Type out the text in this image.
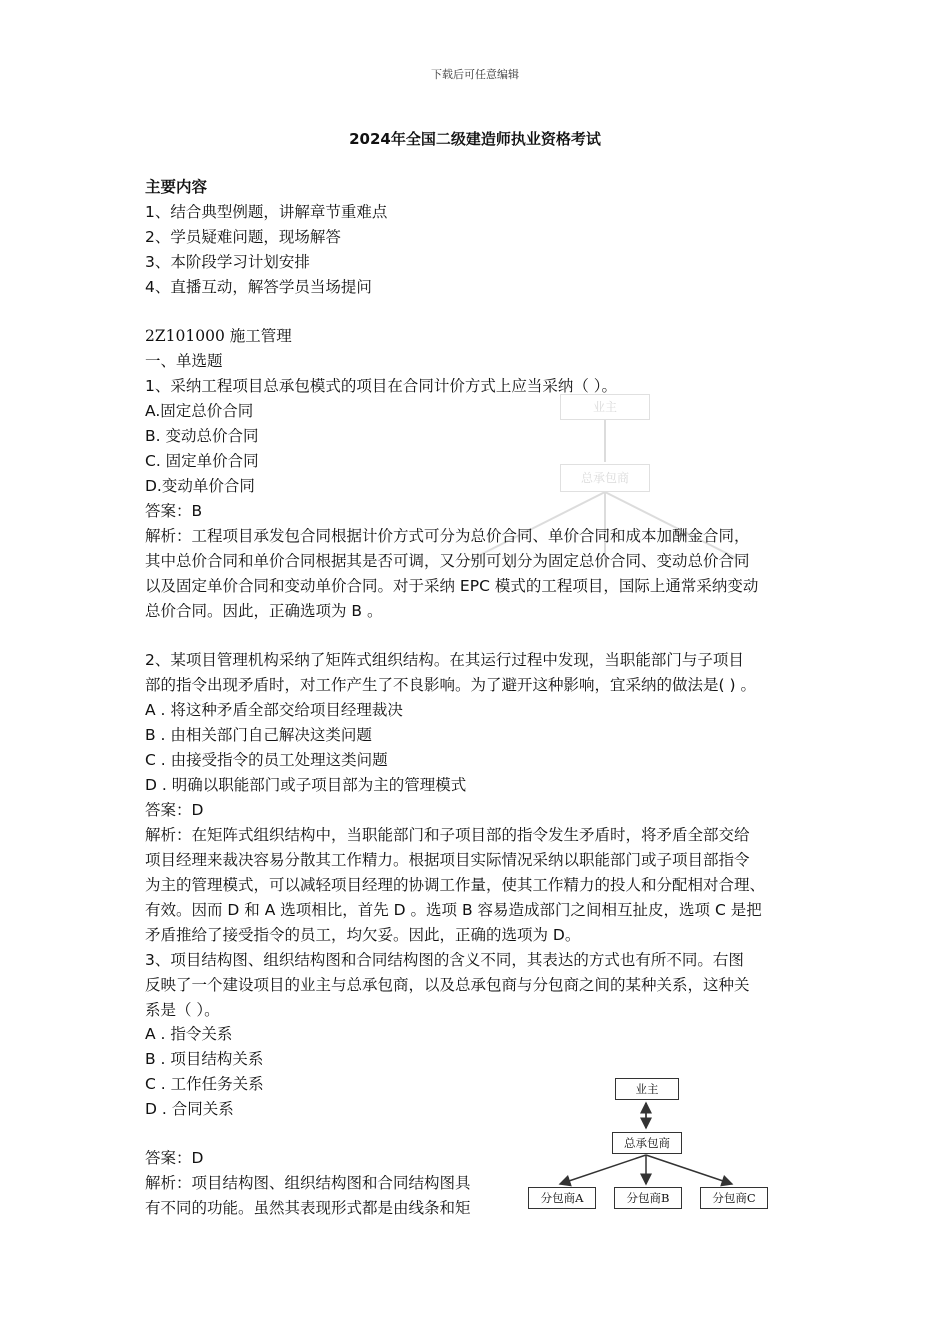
业主
总承包商
下载后可任意编辑
2024年全国二级建造师执业资格考试
主要内容
1、结合典型例题，讲解章节重难点
2、学员疑难问题，现场解答
3、本阶段学习计划安排
4、直播互动，解答学员当场提问
2Z101000 施工管理
一、单选题
1、采纳工程项目总承包模式的项目在合同计价方式上应当采纳（ ）。
A.固定总价合同
B. 变动总价合同
C. 固定单价合同
D.变动单价合同
答案：B
解析：工程项目承发包合同根据计价方式可分为总价合同、单价合同和成本加酬金合同，
其中总价合同和单价合同根据其是否可调，又分别可划分为固定总价合同、变动总价合同
以及固定单价合同和变动单价合同。对于采纳 EPC 模式的工程项目，国际上通常采纳变动
总价合同。因此，正确选项为 B 。
2、某项目管理机构采纳了矩阵式组织结构。在其运行过程中发现，当职能部门与子项目
部的指令出现矛盾时，对工作产生了不良影响。为了避开这种影响，宜采纳的做法是( ) 。
A . 将这种矛盾全部交给项目经理裁决
B . 由相关部门自己解决这类问题
C . 由接受指令的员工处理这类问题
D . 明确以职能部门或子项目部为主的管理模式
答案：D
解析：在矩阵式组织结构中，当职能部门和子项目部的指令发生矛盾时，将矛盾全部交给
项目经理来裁决容易分散其工作精力。根据项目实际情况采纳以职能部门或子项目部指令
为主的管理模式，可以减轻项目经理的协调工作量，使其工作精力的投人和分配相对合理、
有效。因而 D 和 A 选项相比，首先 D 。选项 B 容易造成部门之间相互扯皮，选项 C 是把
矛盾推给了接受指令的员工，均欠妥。因此，正确的选项为 D。
3、项目结构图、组织结构图和合同结构图的含义不同，其表达的方式也有所不同。右图
反映了一个建设项目的业主与总承包商，以及总承包商与分包商之间的某种关系，这种关
系是（ ）。
A . 指令关系
B . 项目结构关系
C . 工作任务关系
D . 合同关系
答案：D
解析：项目结构图、组织结构图和合同结构图具
有不同的功能。虽然其表现形式都是由线条和矩
业主
总承包商
分包商A	分包商B	分包商C
